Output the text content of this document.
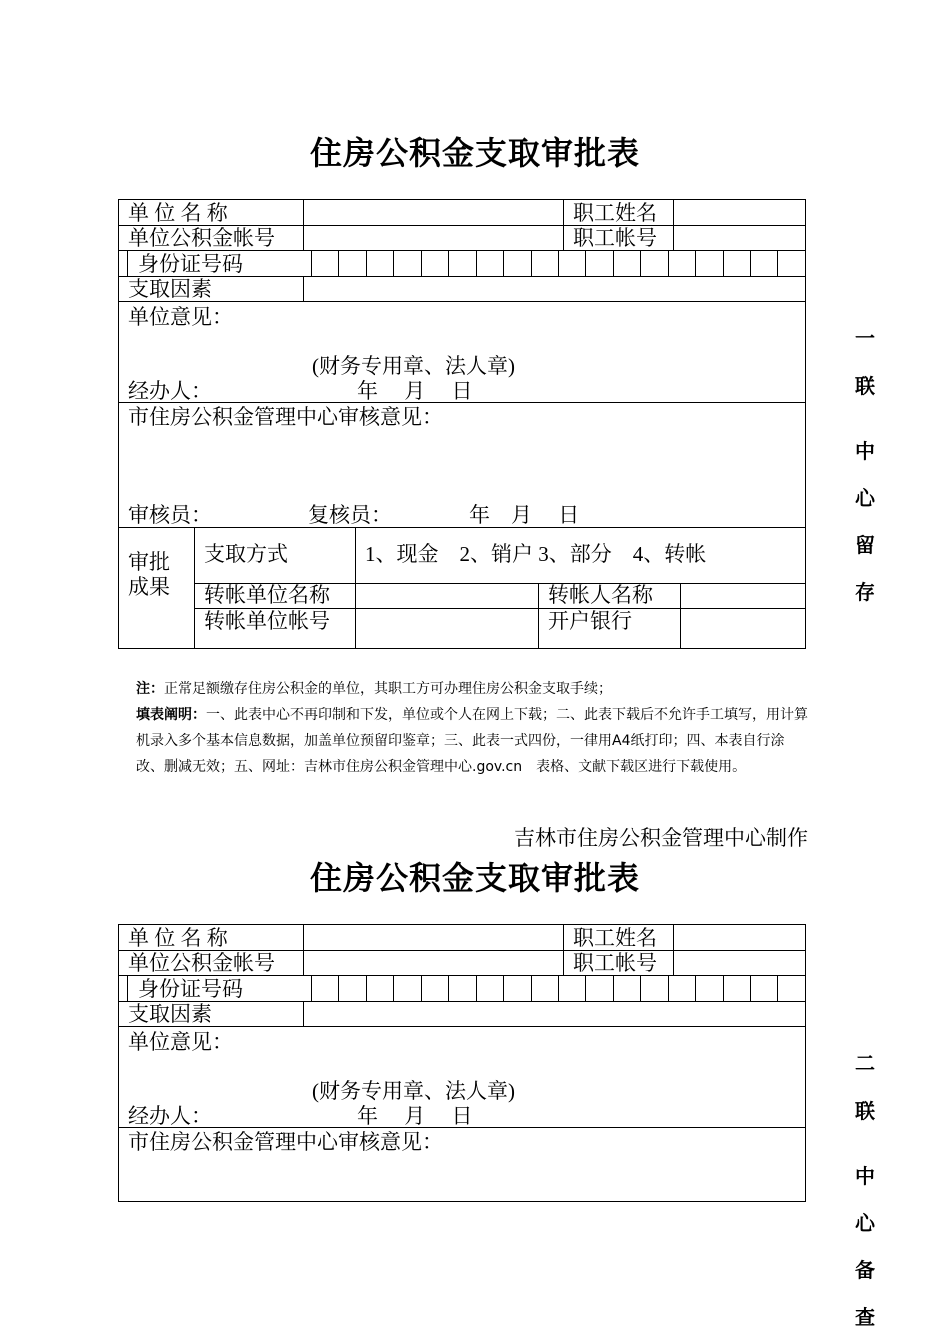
住房公积金支取审批表
单 位 名 称	职工姓名
单位公积金帐号	职工帐号
身份证号码
支取因素
单位意见：
(财务专用章、法人章)
经办人：	年　 月　 日
市住房公积金管理中心审核意见：
审核员：	复核员：	年　月　 日
审批成果
支取方式	1、现金　2、销户 3、部分　4、转帐
转帐单位名称	转帐人名称
转帐单位帐号	开户银行
一
联
中
心
留
存
注：正常足额缴存住房公积金的单位，其职工方可办理住房公积金支取手续；
填表阐明：一、此表中心不再印制和下发，单位或个人在网上下载；二、此表下载后不允许手工填写，用计算机录入多个基本信息数据，加盖单位预留印鉴章；三、此表一式四份，一律用A4纸打印；四、本表自行涂改、删减无效；五、网址：吉林市住房公积金管理中心.gov.cn　表格、文献下载区进行下载使用。
吉林市住房公积金管理中心制作
住房公积金支取审批表
单 位 名 称	职工姓名
单位公积金帐号	职工帐号
身份证号码
支取因素
单位意见：
(财务专用章、法人章)
经办人：	年　 月　 日
市住房公积金管理中心审核意见：
二
联
中
心
备
查
